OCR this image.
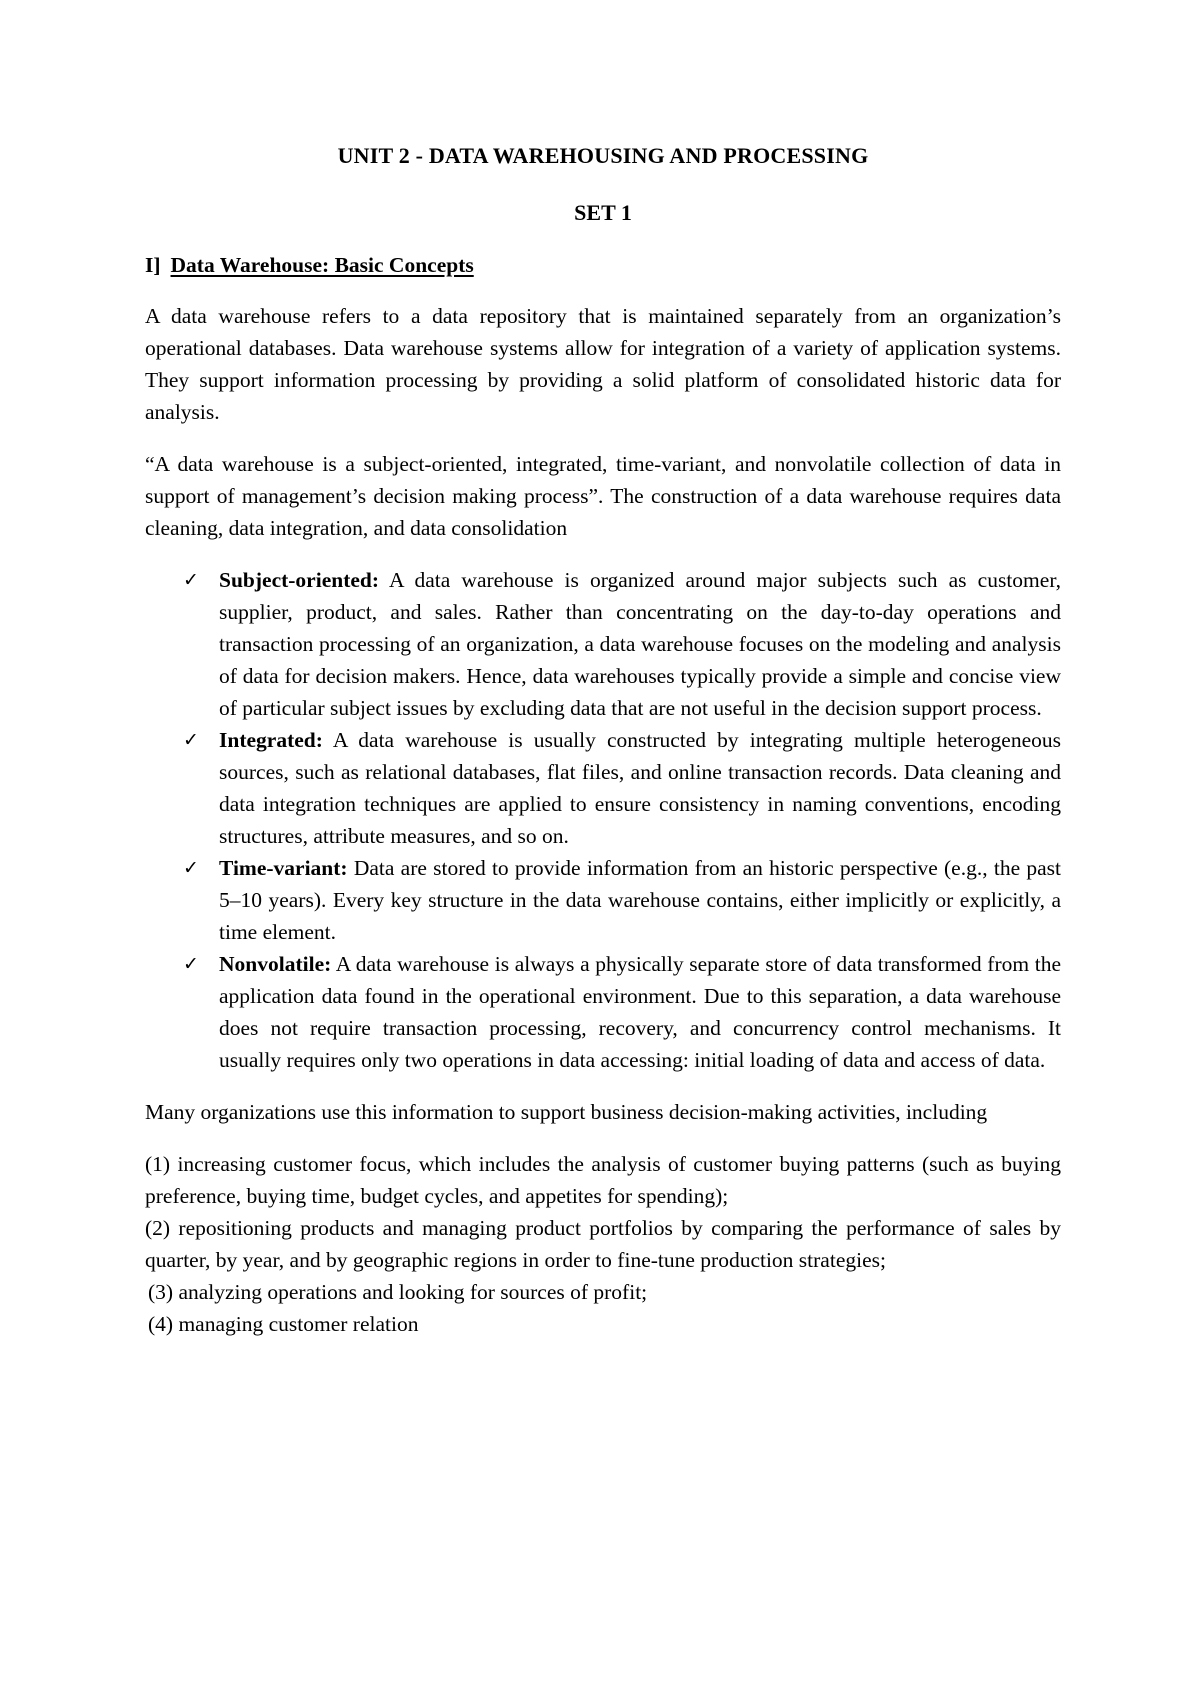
UNIT 2 - DATA WAREHOUSING AND PROCESSING
SET 1
I] Data Warehouse: Basic Concepts

A data warehouse refers to a data repository that is maintained separately from an organization’s operational databases. Data warehouse systems allow for integration of a variety of application systems. They support information processing by providing a solid platform of consolidated historic data for analysis.

“A data warehouse is a subject-oriented, integrated, time-variant, and nonvolatile collection of data in support of management’s decision making process”. The construction of a data warehouse requires data cleaning, data integration, and data consolidation

✓ Subject-oriented: A data warehouse is organized around major subjects such as customer, supplier, product, and sales. Rather than concentrating on the day-to-day operations and transaction processing of an organization, a data warehouse focuses on the modeling and analysis of data for decision makers. Hence, data warehouses typically provide a simple and concise view of particular subject issues by excluding data that are not useful in the decision support process.
✓ Integrated: A data warehouse is usually constructed by integrating multiple heterogeneous sources, such as relational databases, flat files, and online transaction records. Data cleaning and data integration techniques are applied to ensure consistency in naming conventions, encoding structures, attribute measures, and so on.
✓ Time-variant: Data are stored to provide information from an historic perspective (e.g., the past 5–10 years). Every key structure in the data warehouse contains, either implicitly or explicitly, a time element.
✓ Nonvolatile: A data warehouse is always a physically separate store of data transformed from the application data found in the operational environment. Due to this separation, a data warehouse does not require transaction processing, recovery, and concurrency control mechanisms. It usually requires only two operations in data accessing: initial loading of data and access of data.

Many organizations use this information to support business decision-making activities, including

(1) increasing customer focus, which includes the analysis of customer buying patterns (such as buying preference, buying time, budget cycles, and appetites for spending);

(2) repositioning products and managing product portfolios by comparing the performance of sales by quarter, by year, and by geographic regions in order to fine-tune production strategies;

(3) analyzing operations and looking for sources of profit;

(4) managing customer relation
